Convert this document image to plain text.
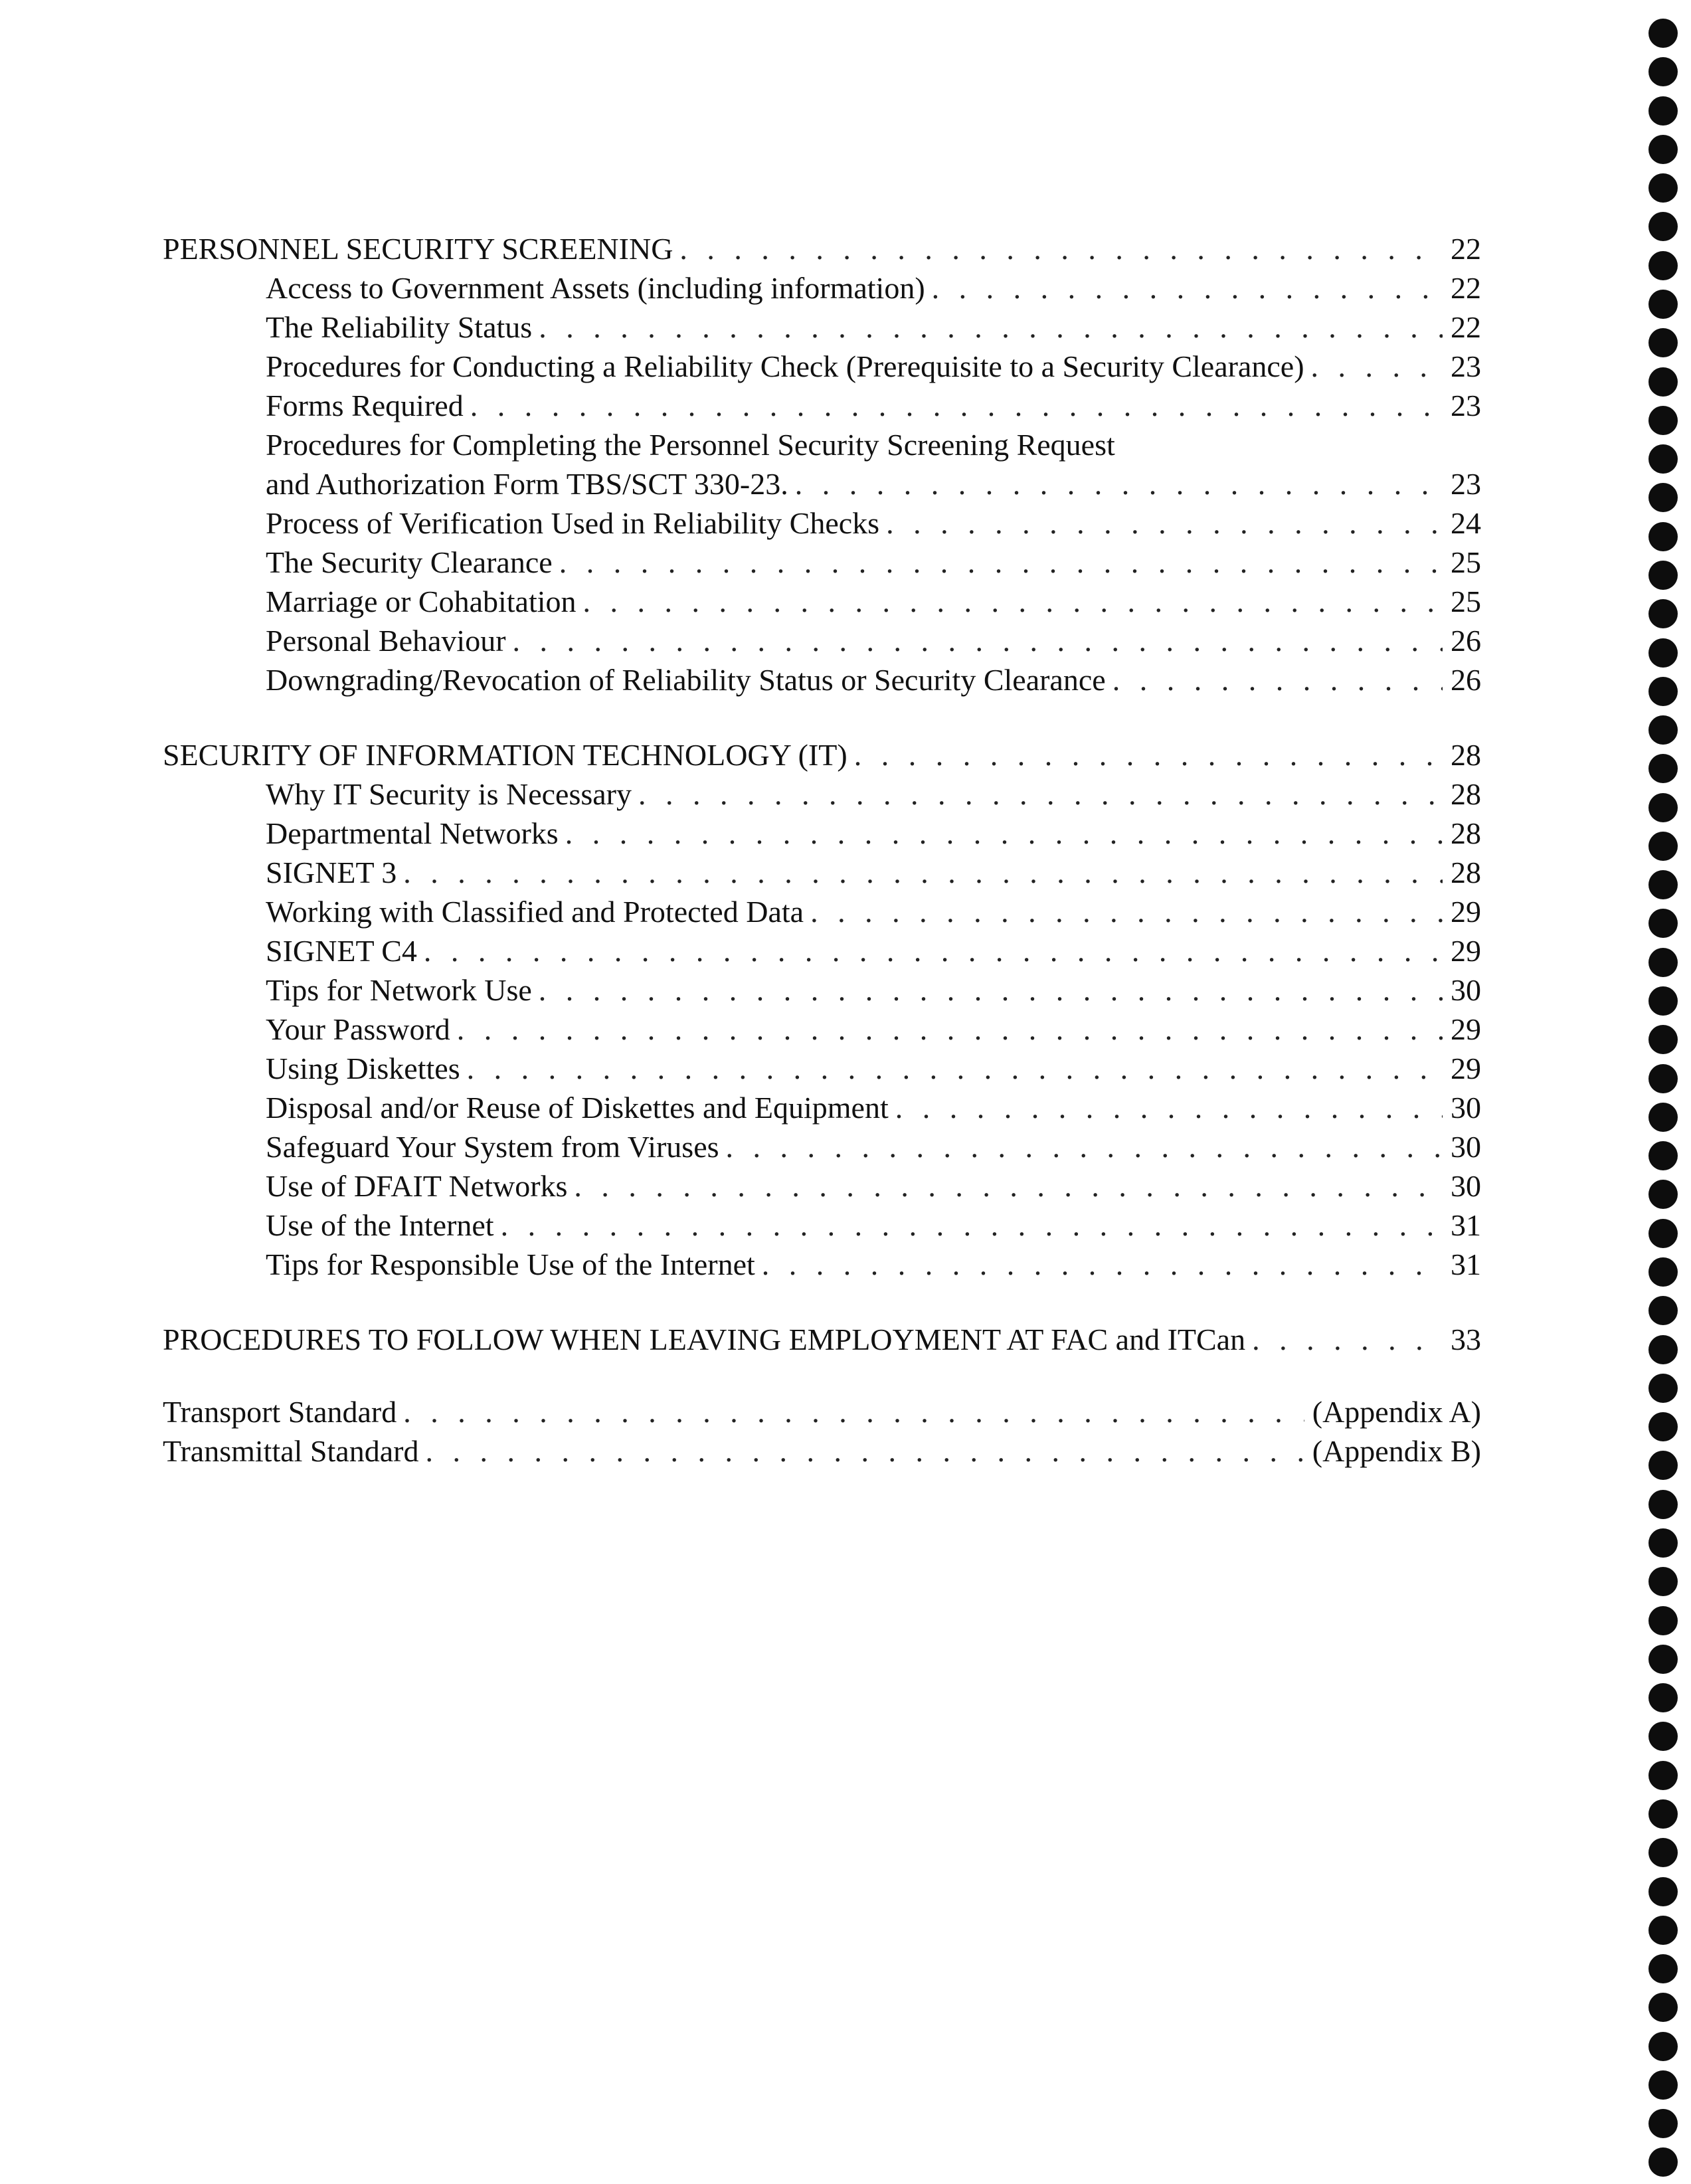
PERSONNEL SECURITY SCREENING . . .	22
Access to Government Assets (including information) . . .	22
The Reliability Status . . .	22
Procedures for Conducting a Reliability Check (Prerequisite to a Security Clearance) . . .	23
Forms Required . . .	23
Procedures for Completing the Personnel Security Screening Request
and Authorization Form TBS/SCT 330-23. . . .	23
Process of Verification Used in Reliability Checks . . .	24
The Security Clearance . . .	25
Marriage or Cohabitation . . .	25
Personal Behaviour . . .	26
Downgrading/Revocation of Reliability Status or Security Clearance . . .	26
SECURITY OF INFORMATION TECHNOLOGY (IT) . . .	28
Why IT Security is Necessary . . .	28
Departmental Networks . . .	28
SIGNET 3 . . .	28
Working with Classified and Protected Data . . .	29
SIGNET C4 . . .	29
Tips for Network Use . . .	30
Your Password . . .	29
Using Diskettes . . .	29
Disposal and/or Reuse of Diskettes and Equipment . . .	30
Safeguard Your System from Viruses . . .	30
Use of DFAIT Networks . . .	30
Use of the Internet . . .	31
Tips for Responsible Use of the Internet . . .	31
PROCEDURES TO FOLLOW WHEN LEAVING EMPLOYMENT AT FAC and ITCan . . .	33
Transport Standard . . .	(Appendix A)
Transmittal Standard . . .	(Appendix B)
